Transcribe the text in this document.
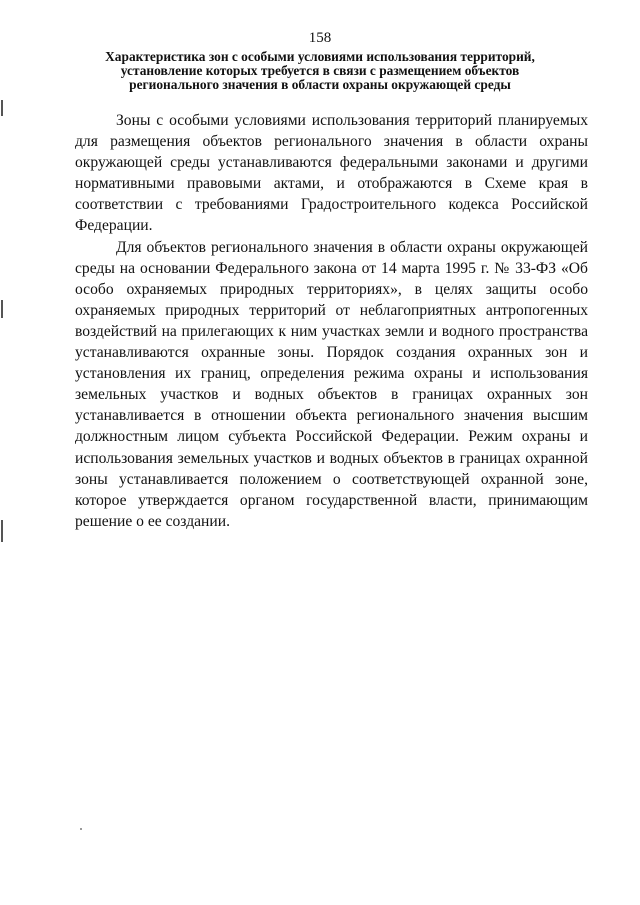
158
Характеристика зон с особыми условиями использования территорий,
установление которых требуется в связи с размещением объектов
регионального значения в области охраны окружающей среды

Зоны с особыми условиями использования территорий планируемых для размещения объектов регионального значения в области охраны окружающей среды устанавливаются федеральными законами и другими нормативными правовыми актами, и отображаются в Схеме края в соответствии с требованиями Градостроительного кодекса Российской Федерации.

Для объектов регионального значения в области охраны окружающей среды на основании Федерального закона от 14 марта 1995 г. № 33-ФЗ «Об особо охраняемых природных территориях», в целях защиты особо охраняемых природных территорий от неблагоприятных антропогенных воздействий на прилегающих к ним участках земли и водного пространства устанавливаются охранные зоны. Порядок создания охранных зон и установления их границ, определения режима охраны и использования земельных участков и водных объектов в границах охранных зон устанавливается в отношении объекта регионального значения высшим должностным лицом субъекта Российской Федерации. Режим охраны и использования земельных участков и водных объектов в границах охранной зоны устанавливается положением о соответствующей охранной зоне, которое утверждается органом государственной власти, принимающим решение о ее создании.
